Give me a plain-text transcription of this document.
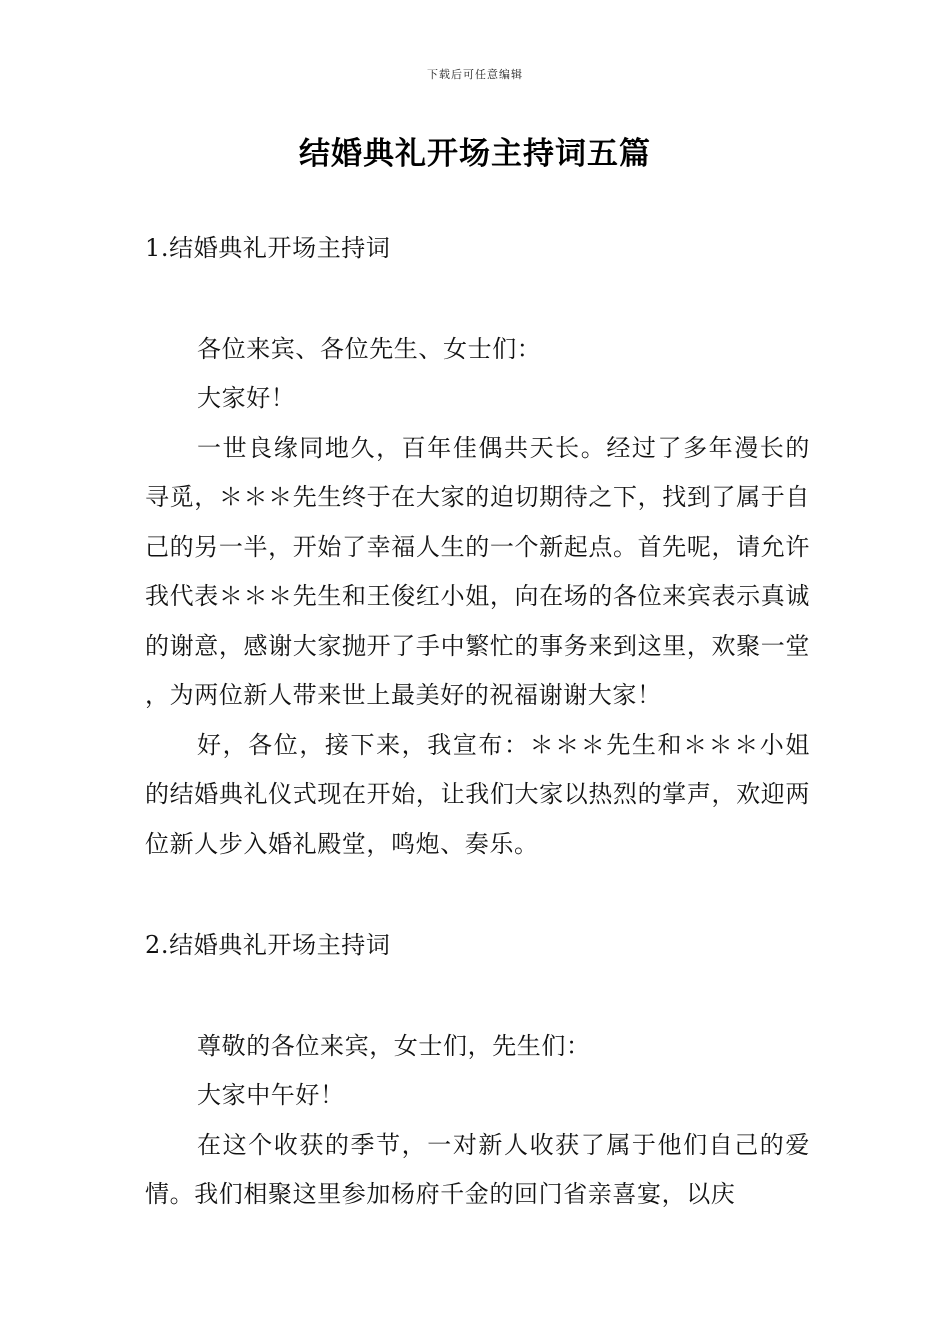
下载后可任意编辑
结婚典礼开场主持词五篇
1.结婚典礼开场主持词

各位来宾、各位先生、女士们：

大家好！

一世良缘同地久，百年佳偶共天长。经过了多年漫长的寻觅，＊＊＊先生终于在大家的迫切期待之下，找到了属于自己的另一半，开始了幸福人生的一个新起点。首先呢，请允许我代表＊＊＊先生和王俊红小姐，向在场的各位来宾表示真诚的谢意，感谢大家抛开了手中繁忙的事务来到这里，欢聚一堂，为两位新人带来世上最美好的祝福谢谢大家！

好，各位，接下来，我宣布：＊＊＊先生和＊＊＊小姐的结婚典礼仪式现在开始，让我们大家以热烈的掌声，欢迎两位新人步入婚礼殿堂，鸣炮、奏乐。

2.结婚典礼开场主持词

尊敬的各位来宾，女士们，先生们：

大家中午好！

在这个收获的季节，一对新人收获了属于他们自己的爱情。我们相聚这里参加杨府千金的回门省亲喜宴，以庆
